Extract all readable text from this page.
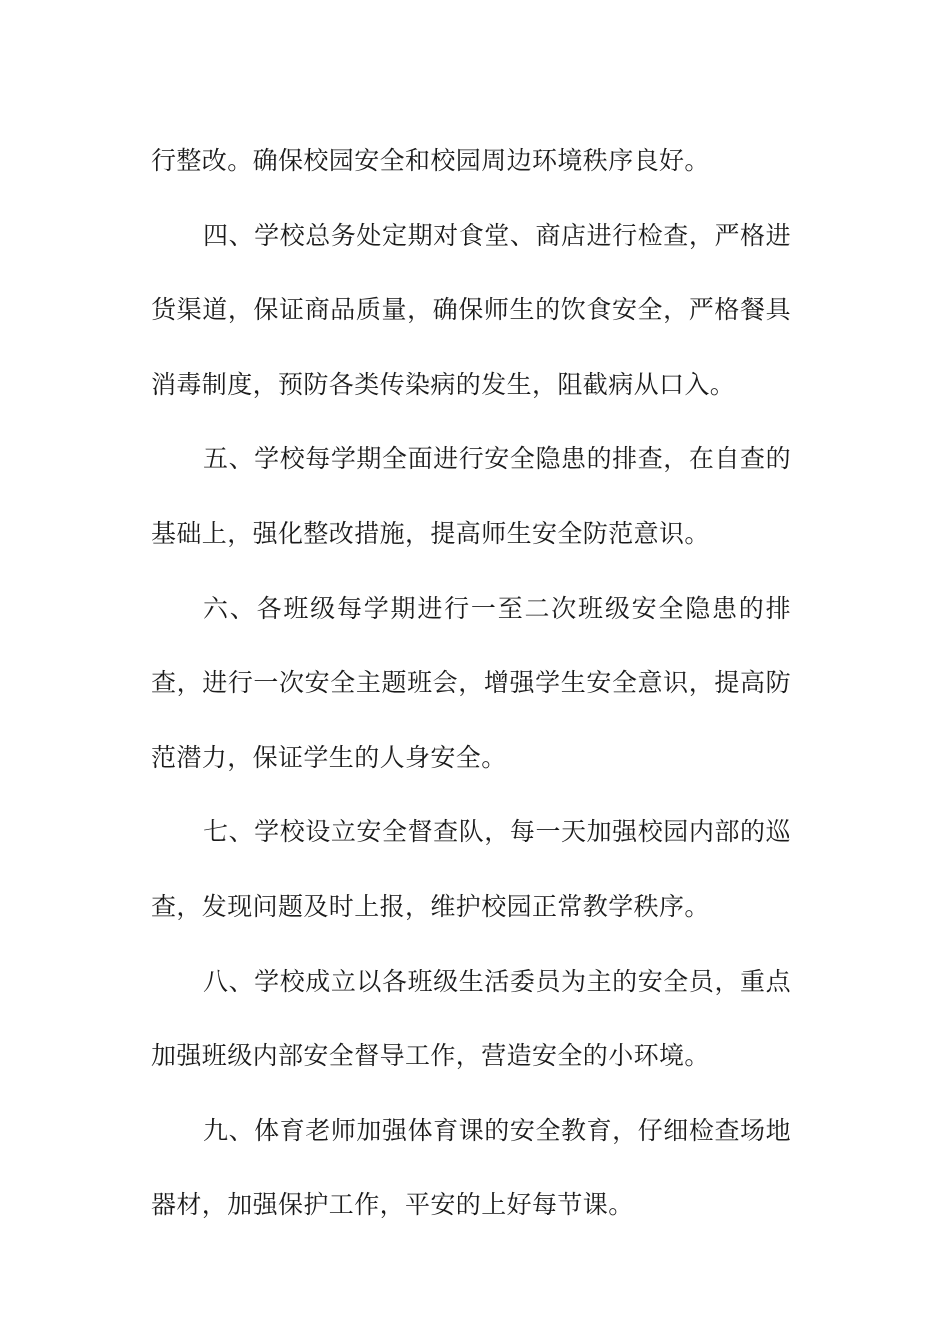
行整改。确保校园安全和校园周边环境秩序良好。

四、学校总务处定期对食堂、商店进行检查，严格进货渠道，保证商品质量，确保师生的饮食安全，严格餐具消毒制度，预防各类传染病的发生，阻截病从口入。

五、学校每学期全面进行安全隐患的排查，在自查的基础上，强化整改措施，提高师生安全防范意识。

六、各班级每学期进行一至二次班级安全隐患的排查，进行一次安全主题班会，增强学生安全意识，提高防范潜力，保证学生的人身安全。

七、学校设立安全督查队，每一天加强校园内部的巡查，发现问题及时上报，维护校园正常教学秩序。

八、学校成立以各班级生活委员为主的安全员，重点加强班级内部安全督导工作，营造安全的小环境。

九、体育老师加强体育课的安全教育，仔细检查场地器材，加强保护工作，平安的上好每节课。
